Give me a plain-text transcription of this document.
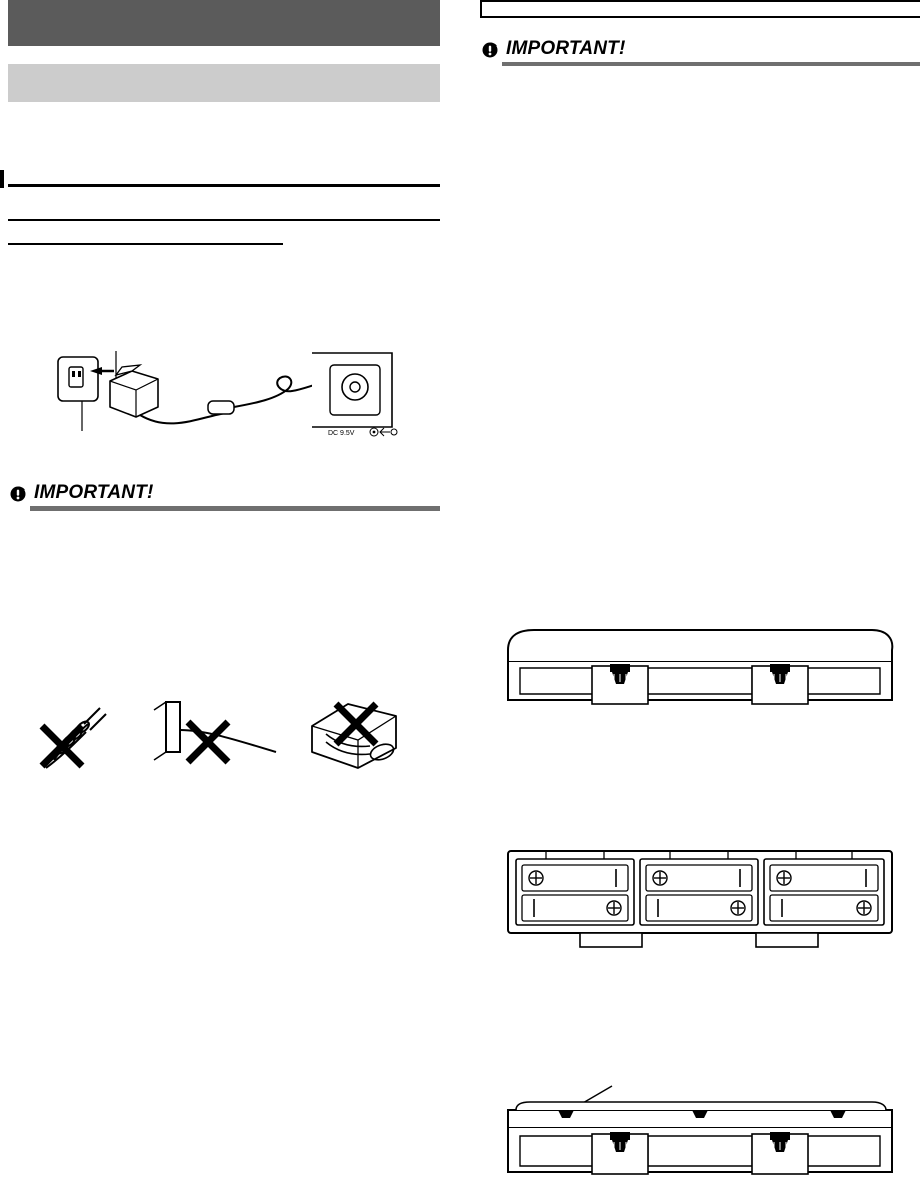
DC 9.5V
IMPORTANT!
IMPORTANT!
